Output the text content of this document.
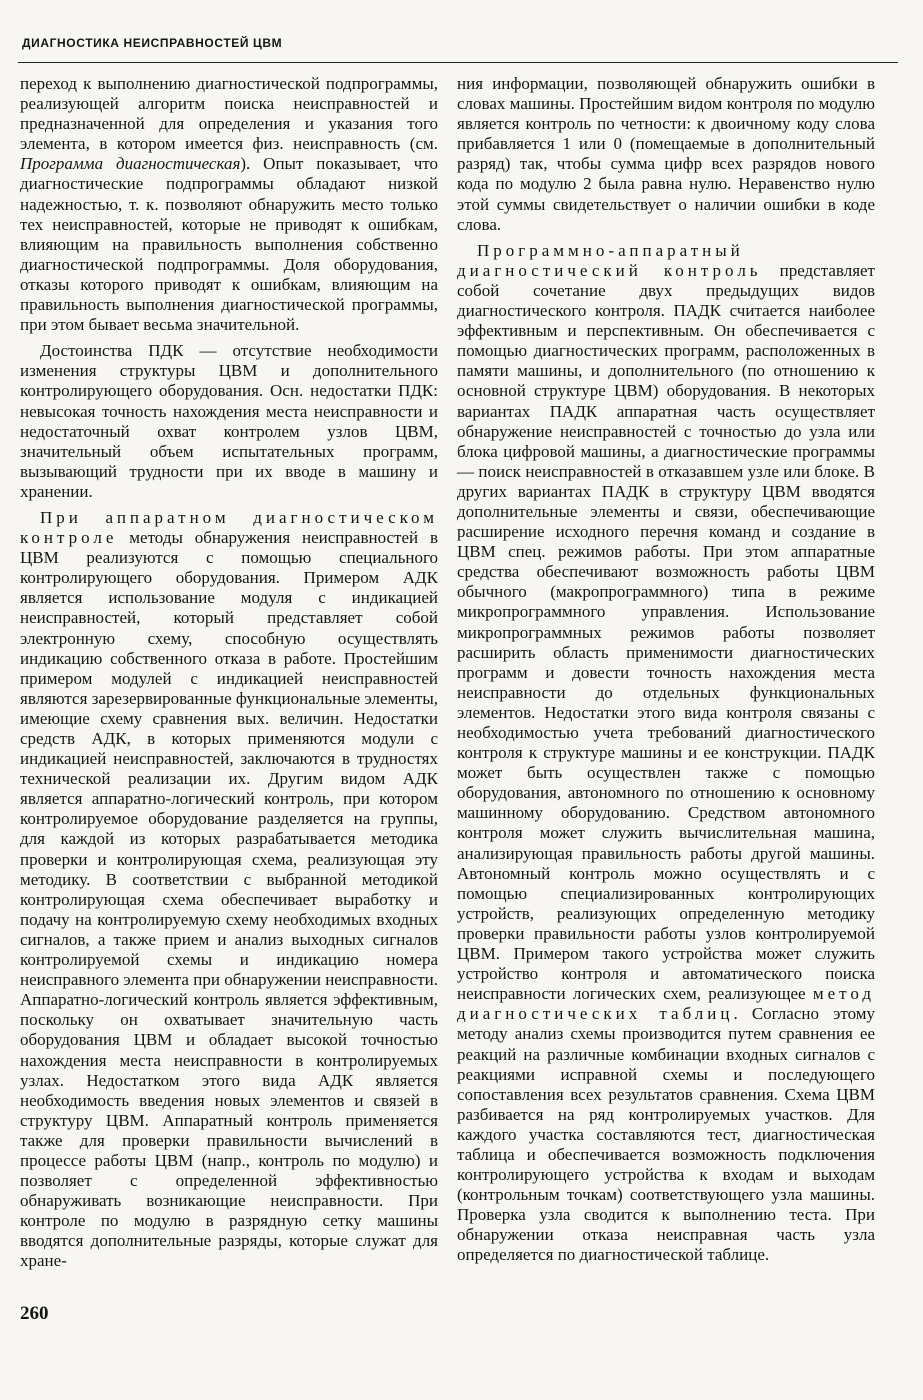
ДИАГНОСТИКА НЕИСПРАВНОСТЕЙ ЦВМ

переход к выполнению диагностической подпрограммы, реализующей алгоритм поиска неисправностей и предназначенной для определения и указания того элемента, в котором имеется физ. неисправность (см. Программа диагностическая). Опыт показывает, что диагностические подпрограммы обладают низкой надежностью, т. к. позволяют обнаружить место только тех неисправностей, которые не приводят к ошибкам, влияющим на правильность выполнения собственно диагностической подпрограммы. Доля оборудования, отказы которого приводят к ошибкам, влияющим на правильность выполнения диагностической программы, при этом бывает весьма значительной.

Достоинства ПДК — отсутствие необходимости изменения структуры ЦВМ и дополнительного контролирующего оборудования. Осн. недостатки ПДК: невысокая точность нахождения места неисправности и недостаточный охват контролем узлов ЦВМ, значительный объем испытательных программ, вызывающий трудности при их вводе в машину и хранении.

При аппаратном диагностическом контроле методы обнаружения неисправностей в ЦВМ реализуются с помощью специального контролирующего оборудования. Примером АДК является использование модуля с индикацией неисправностей, который представляет собой электронную схему, способную осуществлять индикацию собственного отказа в работе. Простейшим примером модулей с индикацией неисправностей являются зарезервированные функциональные элементы, имеющие схему сравнения вых. величин. Недостатки средств АДК, в которых применяются модули с индикацией неисправностей, заключаются в трудностях технической реализации их. Другим видом АДК является аппаратно-логический контроль, при котором контролируемое оборудование разделяется на группы, для каждой из которых разрабатывается методика проверки и контролирующая схема, реализующая эту методику. В соответствии с выбранной методикой контролирующая схема обеспечивает выработку и подачу на контролируемую схему необходимых входных сигналов, а также прием и анализ выходных сигналов контролируемой схемы и индикацию номера неисправного элемента при обнаружении неисправности. Аппаратно-логический контроль является эффективным, поскольку он охватывает значительную часть оборудования ЦВМ и обладает высокой точностью нахождения места неисправности в контролируемых узлах. Недостатком этого вида АДК является необходимость введения новых элементов и связей в структуру ЦВМ. Аппаратный контроль применяется также для проверки правильности вычислений в процессе работы ЦВМ (напр., контроль по модулю) и позволяет с определенной эффективностью обнаруживать возникающие неисправности. При контроле по модулю в разрядную сетку машины вводятся дополнительные разряды, которые служат для хране-

ния информации, позволяющей обнаружить ошибки в словах машины. Простейшим видом контроля по модулю является контроль по четности: к двоичному коду слова прибавляется 1 или 0 (помещаемые в дополнительный разряд) так, чтобы сумма цифр всех разрядов нового кода по модулю 2 была равна нулю. Неравенство нулю этой суммы свидетельствует о наличии ошибки в коде слова.

Программно-аппаратный диагностический контроль представляет собой сочетание двух предыдущих видов диагностического контроля. ПАДК считается наиболее эффективным и перспективным. Он обеспечивается с помощью диагностических программ, расположенных в памяти машины, и дополнительного (по отношению к основной структуре ЦВМ) оборудования. В некоторых вариантах ПАДК аппаратная часть осуществляет обнаружение неисправностей с точностью до узла или блока цифровой машины, а диагностические программы — поиск неисправностей в отказавшем узле или блоке. В других вариантах ПАДК в структуру ЦВМ вводятся дополнительные элементы и связи, обеспечивающие расширение исходного перечня команд и создание в ЦВМ спец. режимов работы. При этом аппаратные средства обеспечивают возможность работы ЦВМ обычного (макропрограммного) типа в режиме микропрограммного управления. Использование микропрограммных режимов работы позволяет расширить область применимости диагностических программ и довести точность нахождения места неисправности до отдельных функциональных элементов. Недостатки этого вида контроля связаны с необходимостью учета требований диагностического контроля к структуре машины и ее конструкции. ПАДК может быть осуществлен также с помощью оборудования, автономного по отношению к основному машинному оборудованию. Средством автономного контроля может служить вычислительная машина, анализирующая правильность работы другой машины. Автономный контроль можно осуществлять и с помощью специализированных контролирующих устройств, реализующих определенную методику проверки правильности работы узлов контролируемой ЦВМ. Примером такого устройства может служить устройство контроля и автоматического поиска неисправности логических схем, реализующее метод диагностических таблиц. Согласно этому методу анализ схемы производится путем сравнения ее реакций на различные комбинации входных сигналов с реакциями исправной схемы и последующего сопоставления всех результатов сравнения. Схема ЦВМ разбивается на ряд контролируемых участков. Для каждого участка составляются тест, диагностическая таблица и обеспечивается возможность подключения контролирующего устройства к входам и выходам (контрольным точкам) соответствующего узла машины. Проверка узла сводится к выполнению теста. При обнаружении отказа неисправная часть узла определяется по диагностической таблице.

260
